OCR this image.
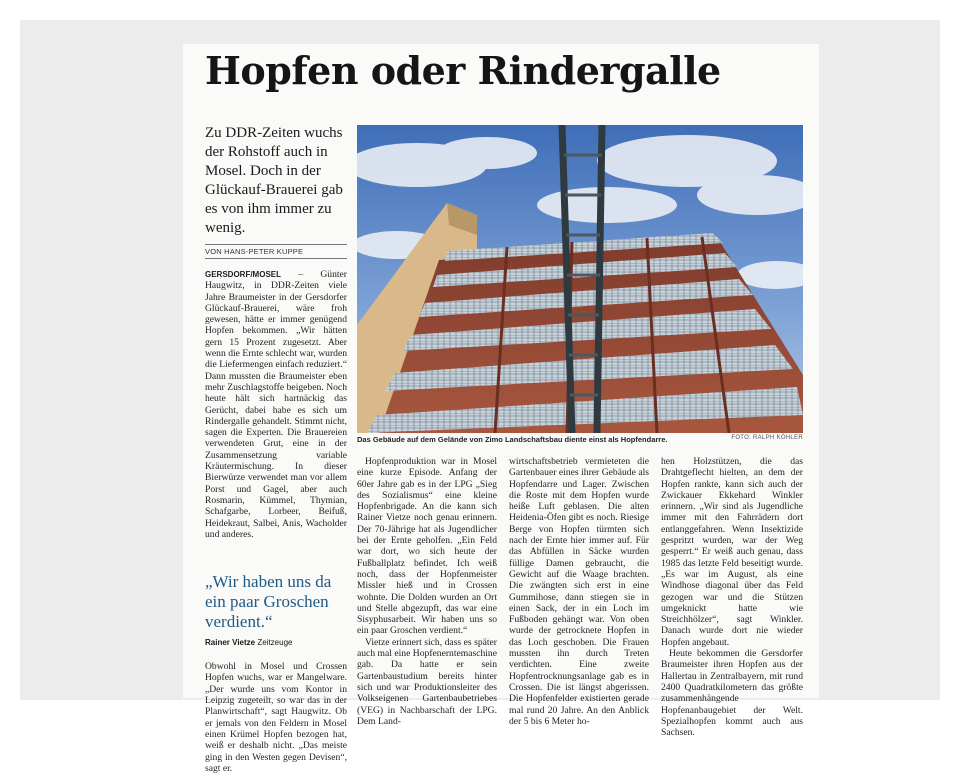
Hopfen oder Rindergalle

Zu DDR-Zeiten wuchs der Rohstoff auch in Mosel. Doch in der Glückauf-Brauerei gab es von ihm immer zu wenig.

VON HANS-PETER KUPPE

GERSDORF/MOSEL – Günter Haugwitz, in DDR-Zeiten viele Jahre Braumeister in der Gersdorfer Glückauf-Brauerei, wäre froh gewesen, hätte er immer genügend Hopfen bekommen. „Wir hätten gern 15 Prozent zugesetzt. Aber wenn die Ernte schlecht war, wurden die Liefermengen einfach reduziert.“ Dann mussten die Braumeister eben mehr Zuschlagstoffe beigeben. Noch heute hält sich hartnäckig das Gerücht, dabei habe es sich um Rindergalle gehandelt. Stimmt nicht, sagen die Experten. Die Brauereien verwendeten Grut, eine in der Zusammensetzung variable Kräutermischung. In dieser Bierwürze verwendet man vor allem Porst und Gagel, aber auch Rosmarin, Kümmel, Thymian, Schafgarbe, Lorbeer, Beifuß, Heidekraut, Salbei, Anis, Wacholder und anderes.

„Wir haben uns da ein paar Groschen verdient.“

Rainer Vietze Zeitzeuge

Obwohl in Mosel und Crossen Hopfen wuchs, war er Mangelware. „Der wurde uns vom Kontor in Leipzig zugeteilt, so war das in der Planwirtschaft“, sagt Haugwitz. Ob er jemals von den Feldern in Mosel einen Krümel Hopfen bezogen hat, weiß er deshalb nicht. „Das meiste ging in den Westen gegen Devisen“, sagt er.

Das Gebäude auf dem Gelände von Zimo Landschaftsbau diente einst als Hopfendarre.	FOTO: RALPH KÖHLER

Hopfenproduktion war in Mosel eine kurze Episode. Anfang der 60er Jahre gab es in der LPG „Sieg des Sozialismus“ eine kleine Hopfenbrigade. An die kann sich Rainer Vietze noch genau erinnern. Der 70-Jährige hat als Jugendlicher bei der Ernte geholfen. „Ein Feld war dort, wo sich heute der Fußballplatz befindet. Ich weiß noch, dass der Hopfenmeister Missler hieß und in Crossen wohnte. Die Dolden wurden an Ort und Stelle abgezupft, das war eine Sisyphusarbeit. Wir haben uns so ein paar Groschen verdient.“

Vietze erinnert sich, dass es später auch mal eine Hopfenerntemaschine gab. Da hatte er sein Gartenbaustudium bereits hinter sich und war Produktionsleiter des Volkseigenen Gartenbaubetriebes (VEG) in Nachbarschaft der LPG. Dem Land-

wirtschaftsbetrieb vermieteten die Gartenbauer eines ihrer Gebäude als Hopfendarre und Lager. Zwischen die Roste mit dem Hopfen wurde heiße Luft geblasen. Die alten Heidenia-Öfen gibt es noch. Riesige Berge von Hopfen türmten sich nach der Ernte hier immer auf. Für das Abfüllen in Säcke wurden füllige Damen gebraucht, die Gewicht auf die Waage brachten. Die zwängten sich erst in eine Gummihose, dann stiegen sie in einen Sack, der in ein Loch im Fußboden gehängt war. Von oben wurde der getrocknete Hopfen in das Loch geschoben. Die Frauen mussten ihn durch Treten verdichten. Eine zweite Hopfentrocknungsanlage gab es in Crossen. Die ist längst abgerissen. Die Hopfenfelder existierten gerade mal rund 20 Jahre. An den Anblick der 5 bis 6 Meter ho-

hen Holzstützen, die das Drahtgeflecht hielten, an dem der Hopfen rankte, kann sich auch der Zwickauer Ekkehard Winkler erinnern. „Wir sind als Jugendliche immer mit den Fahrrädern dort entlanggefahren. Wenn Insektizide gespritzt wurden, war der Weg gesperrt.“ Er weiß auch genau, dass 1985 das letzte Feld beseitigt wurde. „Es war im August, als eine Windhose diagonal über das Feld gezogen war und die Stützen umgeknickt hatte wie Streichhölzer“, sagt Winkler. Danach wurde dort nie wieder Hopfen angebaut.

Heute bekommen die Gersdorfer Braumeister ihren Hopfen aus der Hallertau in Zentralbayern, mit rund 2400 Quadratkilometern das größte zusammenhängende Hopfenanbaugebiet der Welt. Spezialhopfen kommt auch aus Sachsen.
